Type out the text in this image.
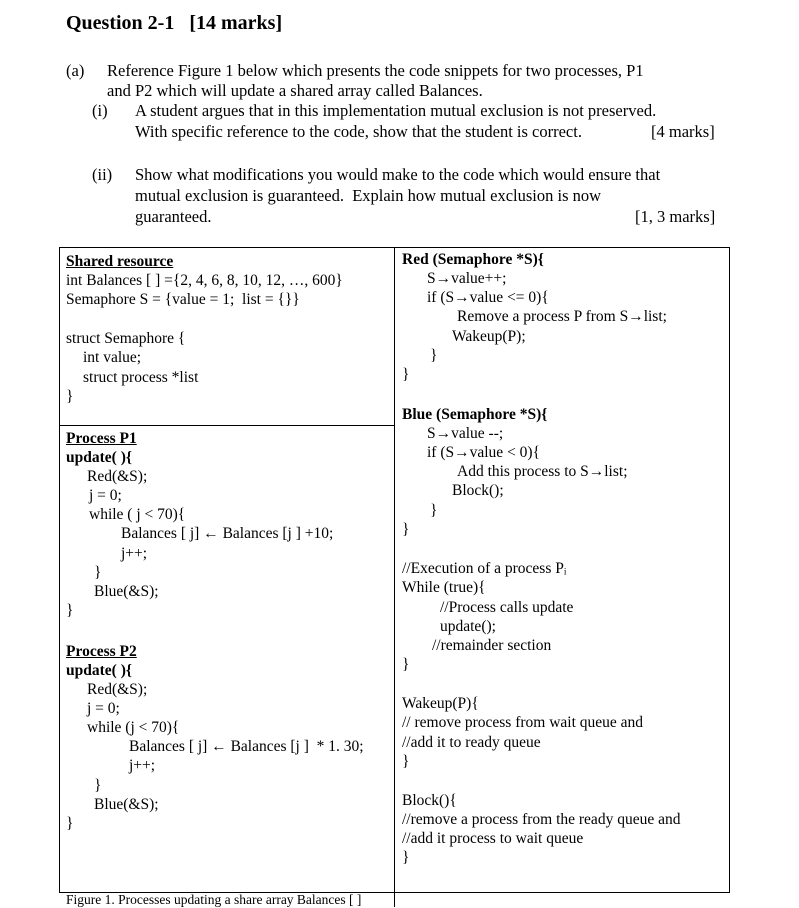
Question 2-1   [14 marks]
(a) Reference Figure 1 below which presents the code snippets for two processes, P1
and P2 which will update a shared array called Balances.
(i) A student argues that in this implementation mutual exclusion is not preserved.
With specific reference to the code, show that the student is correct.	[4 marks]
(ii) Show what modifications you would make to the code which would ensure that
mutual exclusion is guaranteed.  Explain how mutual exclusion is now
guaranteed.	[1, 3 marks]
Shared resource
int Balances [ ] ={2, 4, 6, 8, 10, 12, …, 600}
Semaphore S = {value = 1;  list = {}}
struct Semaphore {
int value;
struct process *list
}
Process P1
update( ){
Red(&S);
j = 0;
while ( j < 70){
Balances [ j] ← Balances [j ] +10;
j++;
}
Blue(&S);
}
Process P2
update( ){
Red(&S);
j = 0;
while (j < 70){
Balances [ j] ← Balances [j ]  * 1. 30;
j++;
}
Blue(&S);
}
Red (Semaphore *S){
S→value++;
if (S→value <= 0){
Remove a process P from S→list;
Wakeup(P);
}
}
Blue (Semaphore *S){
S→value --;
if (S→value < 0){
Add this process to S→list;
Block();
}
}
//Execution of a process Pᵢ
While (true){
//Process calls update
update();
//remainder section
}
Wakeup(P){
// remove process from wait queue and
//add it to ready queue
}
Block(){
//remove a process from the ready queue and
//add it process to wait queue
}
Figure 1. Processes updating a share array Balances [ ]
